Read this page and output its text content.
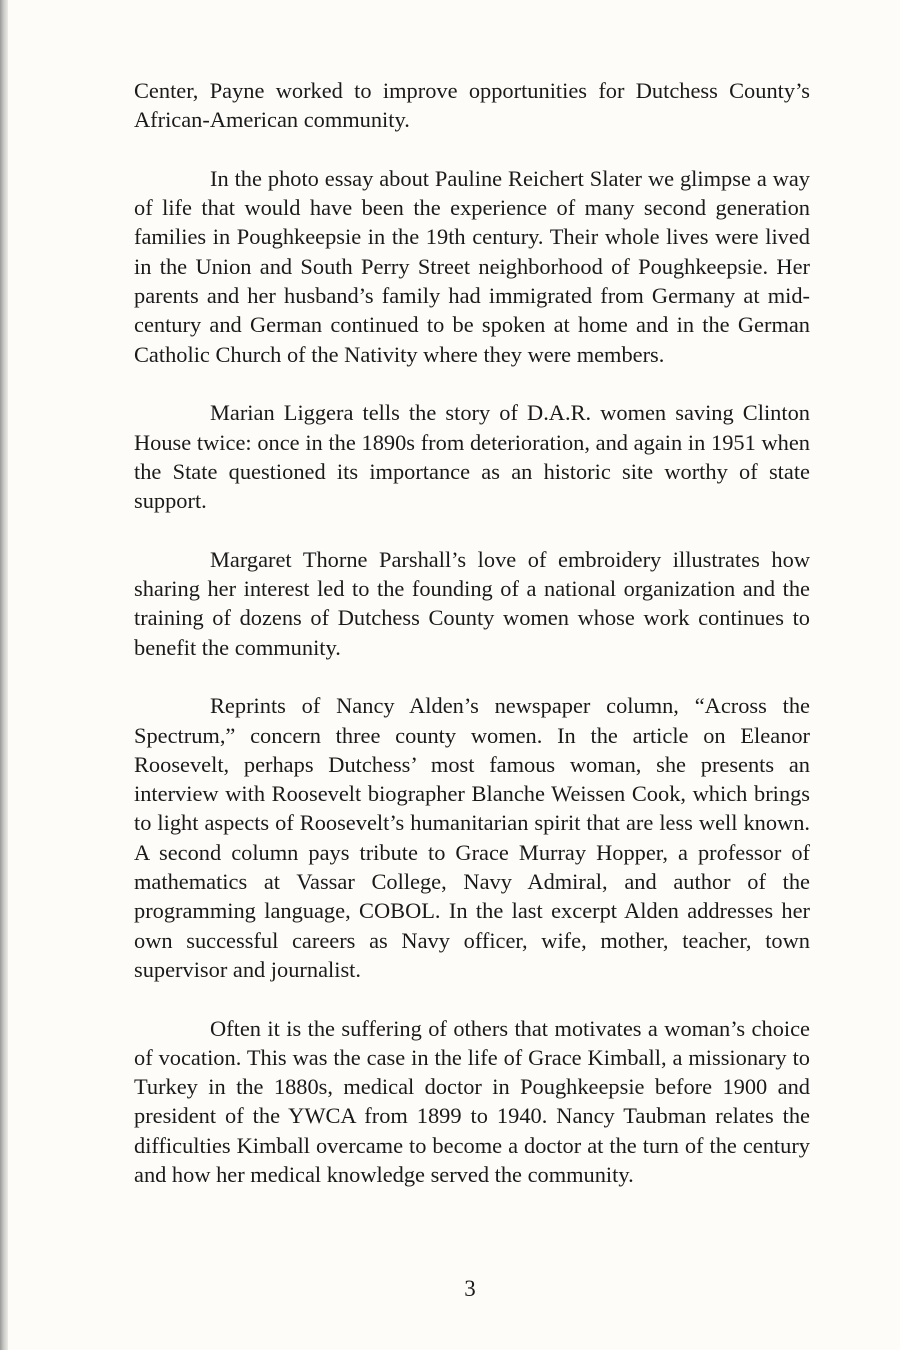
Center, Payne worked to improve opportunities for Dutchess County’s African-American community.

In the photo essay about Pauline Reichert Slater we glimpse a way of life that would have been the experience of many second generation families in Poughkeepsie in the 19th century. Their whole lives were lived in the Union and South Perry Street neighborhood of Poughkeepsie. Her parents and her husband’s family had immigrated from Germany at mid-century and German continued to be spoken at home and in the German Catholic Church of the Nativity where they were members.

Marian Liggera tells the story of D.A.R. women saving Clinton House twice: once in the 1890s from deterioration, and again in 1951 when the State questioned its importance as an historic site worthy of state support.

Margaret Thorne Parshall’s love of embroidery illustrates how sharing her interest led to the founding of a national organization and the training of dozens of Dutchess County women whose work continues to benefit the community.

Reprints of Nancy Alden’s newspaper column, “Across the Spectrum,” concern three county women. In the article on Eleanor Roosevelt, perhaps Dutchess’ most famous woman, she presents an interview with Roosevelt biographer Blanche Weissen Cook, which brings to light aspects of Roosevelt’s humanitarian spirit that are less well known. A second column pays tribute to Grace Murray Hopper, a professor of mathematics at Vassar College, Navy Admiral, and author of the programming language, COBOL. In the last excerpt Alden addresses her own successful careers as Navy officer, wife, mother, teacher, town supervisor and journalist.

Often it is the suffering of others that motivates a woman’s choice of vocation. This was the case in the life of Grace Kimball, a missionary to Turkey in the 1880s, medical doctor in Poughkeepsie before 1900 and president of the YWCA from 1899 to 1940. Nancy Taubman relates the difficulties Kimball overcame to become a doctor at the turn of the century and how her medical knowledge served the community.

3
